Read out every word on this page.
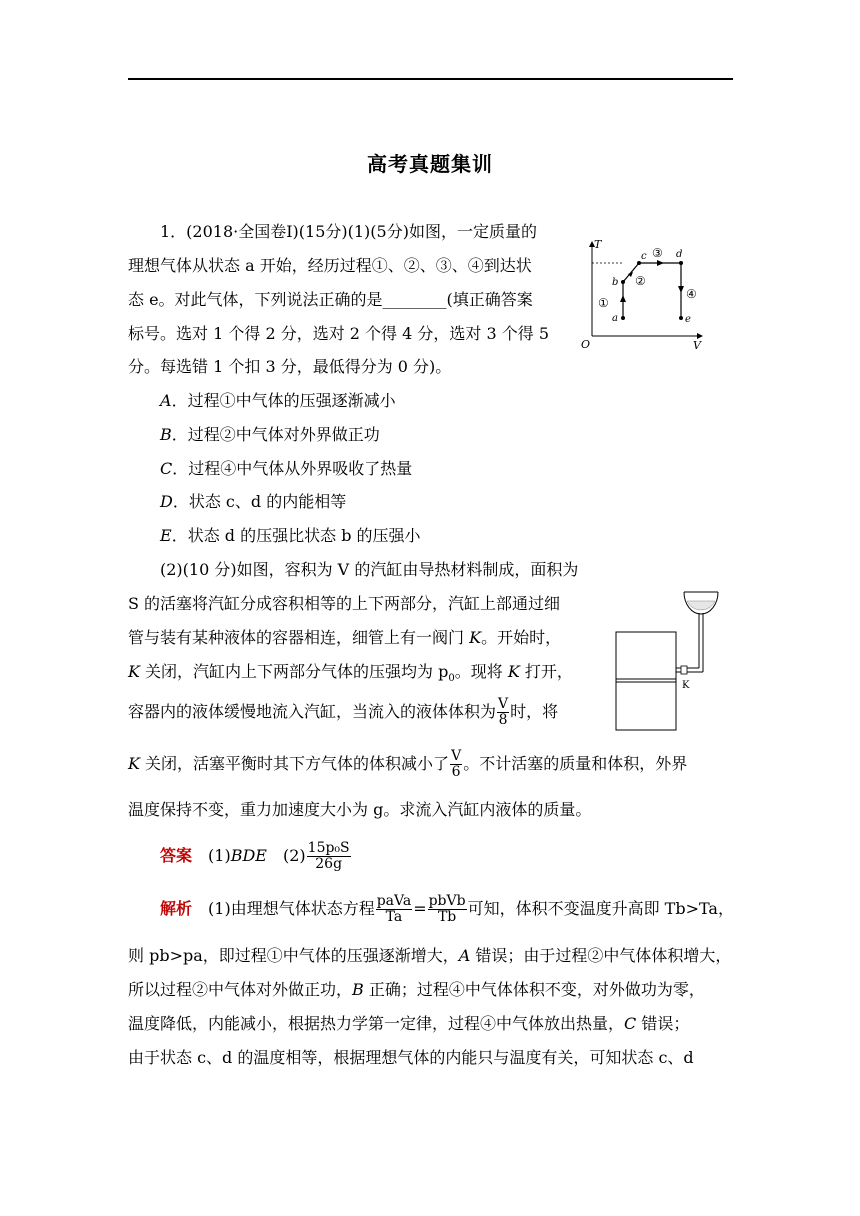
高考真题集训
1．(2018·全国卷Ⅰ)(15分)(1)(5分)如图，一定质量的
理想气体从状态 a 开始，经历过程①、②、③、④到达状
态 e。对此气体，下列说法正确的是________(填正确答案
标号。选对 1 个得 2 分，选对 2 个得 4 分，选对 3 个得 5
分。每选错 1 个扣 3 分，最低得分为 0 分)。
A．过程①中气体的压强逐渐减小
B．过程②中气体对外界做正功
C．过程④中气体从外界吸收了热量
D．状态 c、d 的内能相等
E．状态 d 的压强比状态 b 的压强小
T
V
O
a
b
c	d
e
①
②
③
④
(2)(10 分)如图，容积为 V 的汽缸由导热材料制成，面积为
S 的活塞将汽缸分成容积相等的上下两部分，汽缸上部通过细
管与装有某种液体的容器相连，细管上有一阀门 K。开始时，
K 关闭，汽缸内上下两部分气体的压强均为 $p_0$。现将 K 打开，
容器内的液体缓慢地流入汽缸，当流入的液体体积为 $\frac{V}{8}$ 时，将
K 关闭，活塞平衡时其下方气体的体积减小了 $\frac{V}{6}$ 。不计活塞的质量和体积，外界
温度保持不变，重力加速度大小为 g。求流入汽缸内液体的质量。
K
答案　 (1)BDE　 $(2) \frac{\text{15p₀S}}{26g}$
解析　 (1)由理想气体状态方程 $\frac{\text{paVa}}{Ta} = \frac{\text{pbVb}}{Tb}$ 可知，体积不变温度升高即 Tb>Ta，
则 pb>pa，即过程①中气体的压强逐渐增大，A 错误；由于过程②中气体体积增大，
所以过程②中气体对外做正功，B 正确；过程④中气体体积不变，对外做功为零，
温度降低，内能减小，根据热力学第一定律，过程④中气体放出热量，C 错误；
由于状态 c、d 的温度相等，根据理想气体的内能只与温度有关，可知状态 c、d
